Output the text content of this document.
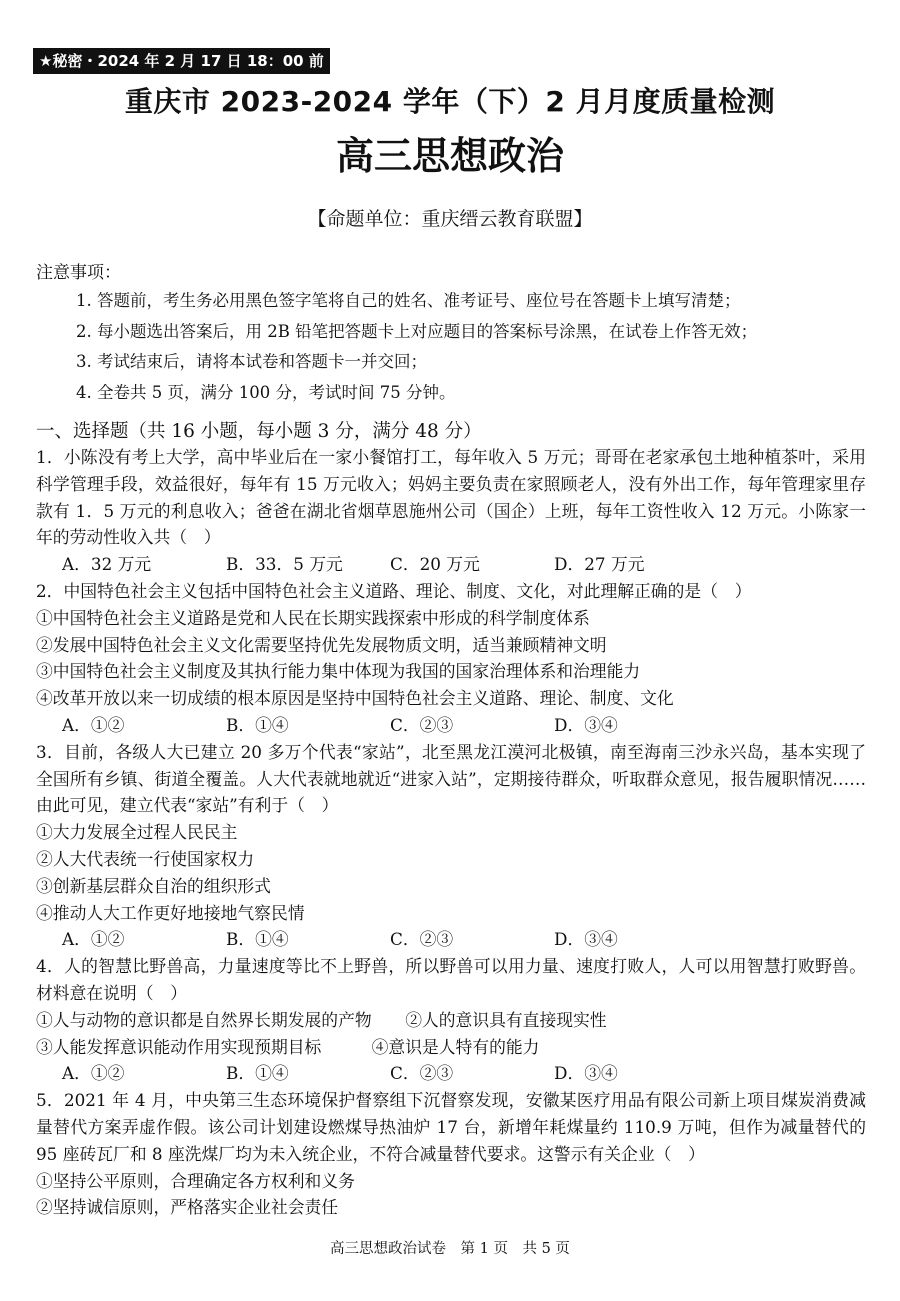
★秘密・2024 年 2 月 17 日 18：00 前
重庆市 2023-2024 学年（下）2 月月度质量检测
高三思想政治
【命题单位：重庆缙云教育联盟】
注意事项：
1. 答题前，考生务必用黑色签字笔将自己的姓名、准考证号、座位号在答题卡上填写清楚；
2. 每小题选出答案后，用 2B 铅笔把答题卡上对应题目的答案标号涂黑，在试卷上作答无效；
3. 考试结束后，请将本试卷和答题卡一并交回；
4. 全卷共 5 页，满分 100 分，考试时间 75 分钟。
一、选择题（共 16 小题，每小题 3 分，满分 48 分）

1．小陈没有考上大学，高中毕业后在一家小餐馆打工，每年收入 5 万元；哥哥在老家承包土地种植茶叶，采用科学管理手段，效益很好，每年有 15 万元收入；妈妈主要负责在家照顾老人，没有外出工作，每年管理家里存款有 1．5 万元的利息收入；爸爸在湖北省烟草恩施州公司（国企）上班，每年工资性收入 12 万元。小陈家一年的劳动性收入共（　）

A．32 万元	B．33．5 万元	C．20 万元	D．27 万元

2．中国特色社会主义包括中国特色社会主义道路、理论、制度、文化，对此理解正确的是（　）

①中国特色社会主义道路是党和人民在长期实践探索中形成的科学制度体系

②发展中国特色社会主义文化需要坚持优先发展物质文明，适当兼顾精神文明

③中国特色社会主义制度及其执行能力集中体现为我国的国家治理体系和治理能力

④改革开放以来一切成绩的根本原因是坚持中国特色社会主义道路、理论、制度、文化

A．①②	B．①④	C．②③	D．③④

3．目前，各级人大已建立 20 多万个代表“家站”，北至黑龙江漠河北极镇，南至海南三沙永兴岛，基本实现了全国所有乡镇、街道全覆盖。人大代表就地就近“进家入站”，定期接待群众，听取群众意见，报告履职情况……由此可见，建立代表“家站”有利于（　）

①大力发展全过程人民民主

②人大代表统一行使国家权力

③创新基层群众自治的组织形式

④推动人大工作更好地接地气察民情

A．①②	B．①④	C．②③	D．③④

4．人的智慧比野兽高，力量速度等比不上野兽，所以野兽可以用力量、速度打败人，人可以用智慧打败野兽。材料意在说明（　）

①人与动物的意识都是自然界长期发展的产物　　②人的意识具有直接现实性

③人能发挥意识能动作用实现预期目标　　　④意识是人特有的能力

A．①②	B．①④	C．②③	D．③④

5．2021 年 4 月，中央第三生态环境保护督察组下沉督察发现，安徽某医疗用品有限公司新上项目煤炭消费减量替代方案弄虚作假。该公司计划建设燃煤导热油炉 17 台，新增年耗煤量约 110.9 万吨，但作为减量替代的 95 座砖瓦厂和 8 座洗煤厂均为未入统企业，不符合减量替代要求。这警示有关企业（　）

①坚持公平原则，合理确定各方权利和义务

②坚持诚信原则，严格落实企业社会责任

高三思想政治试卷　第 1 页　共 5 页
